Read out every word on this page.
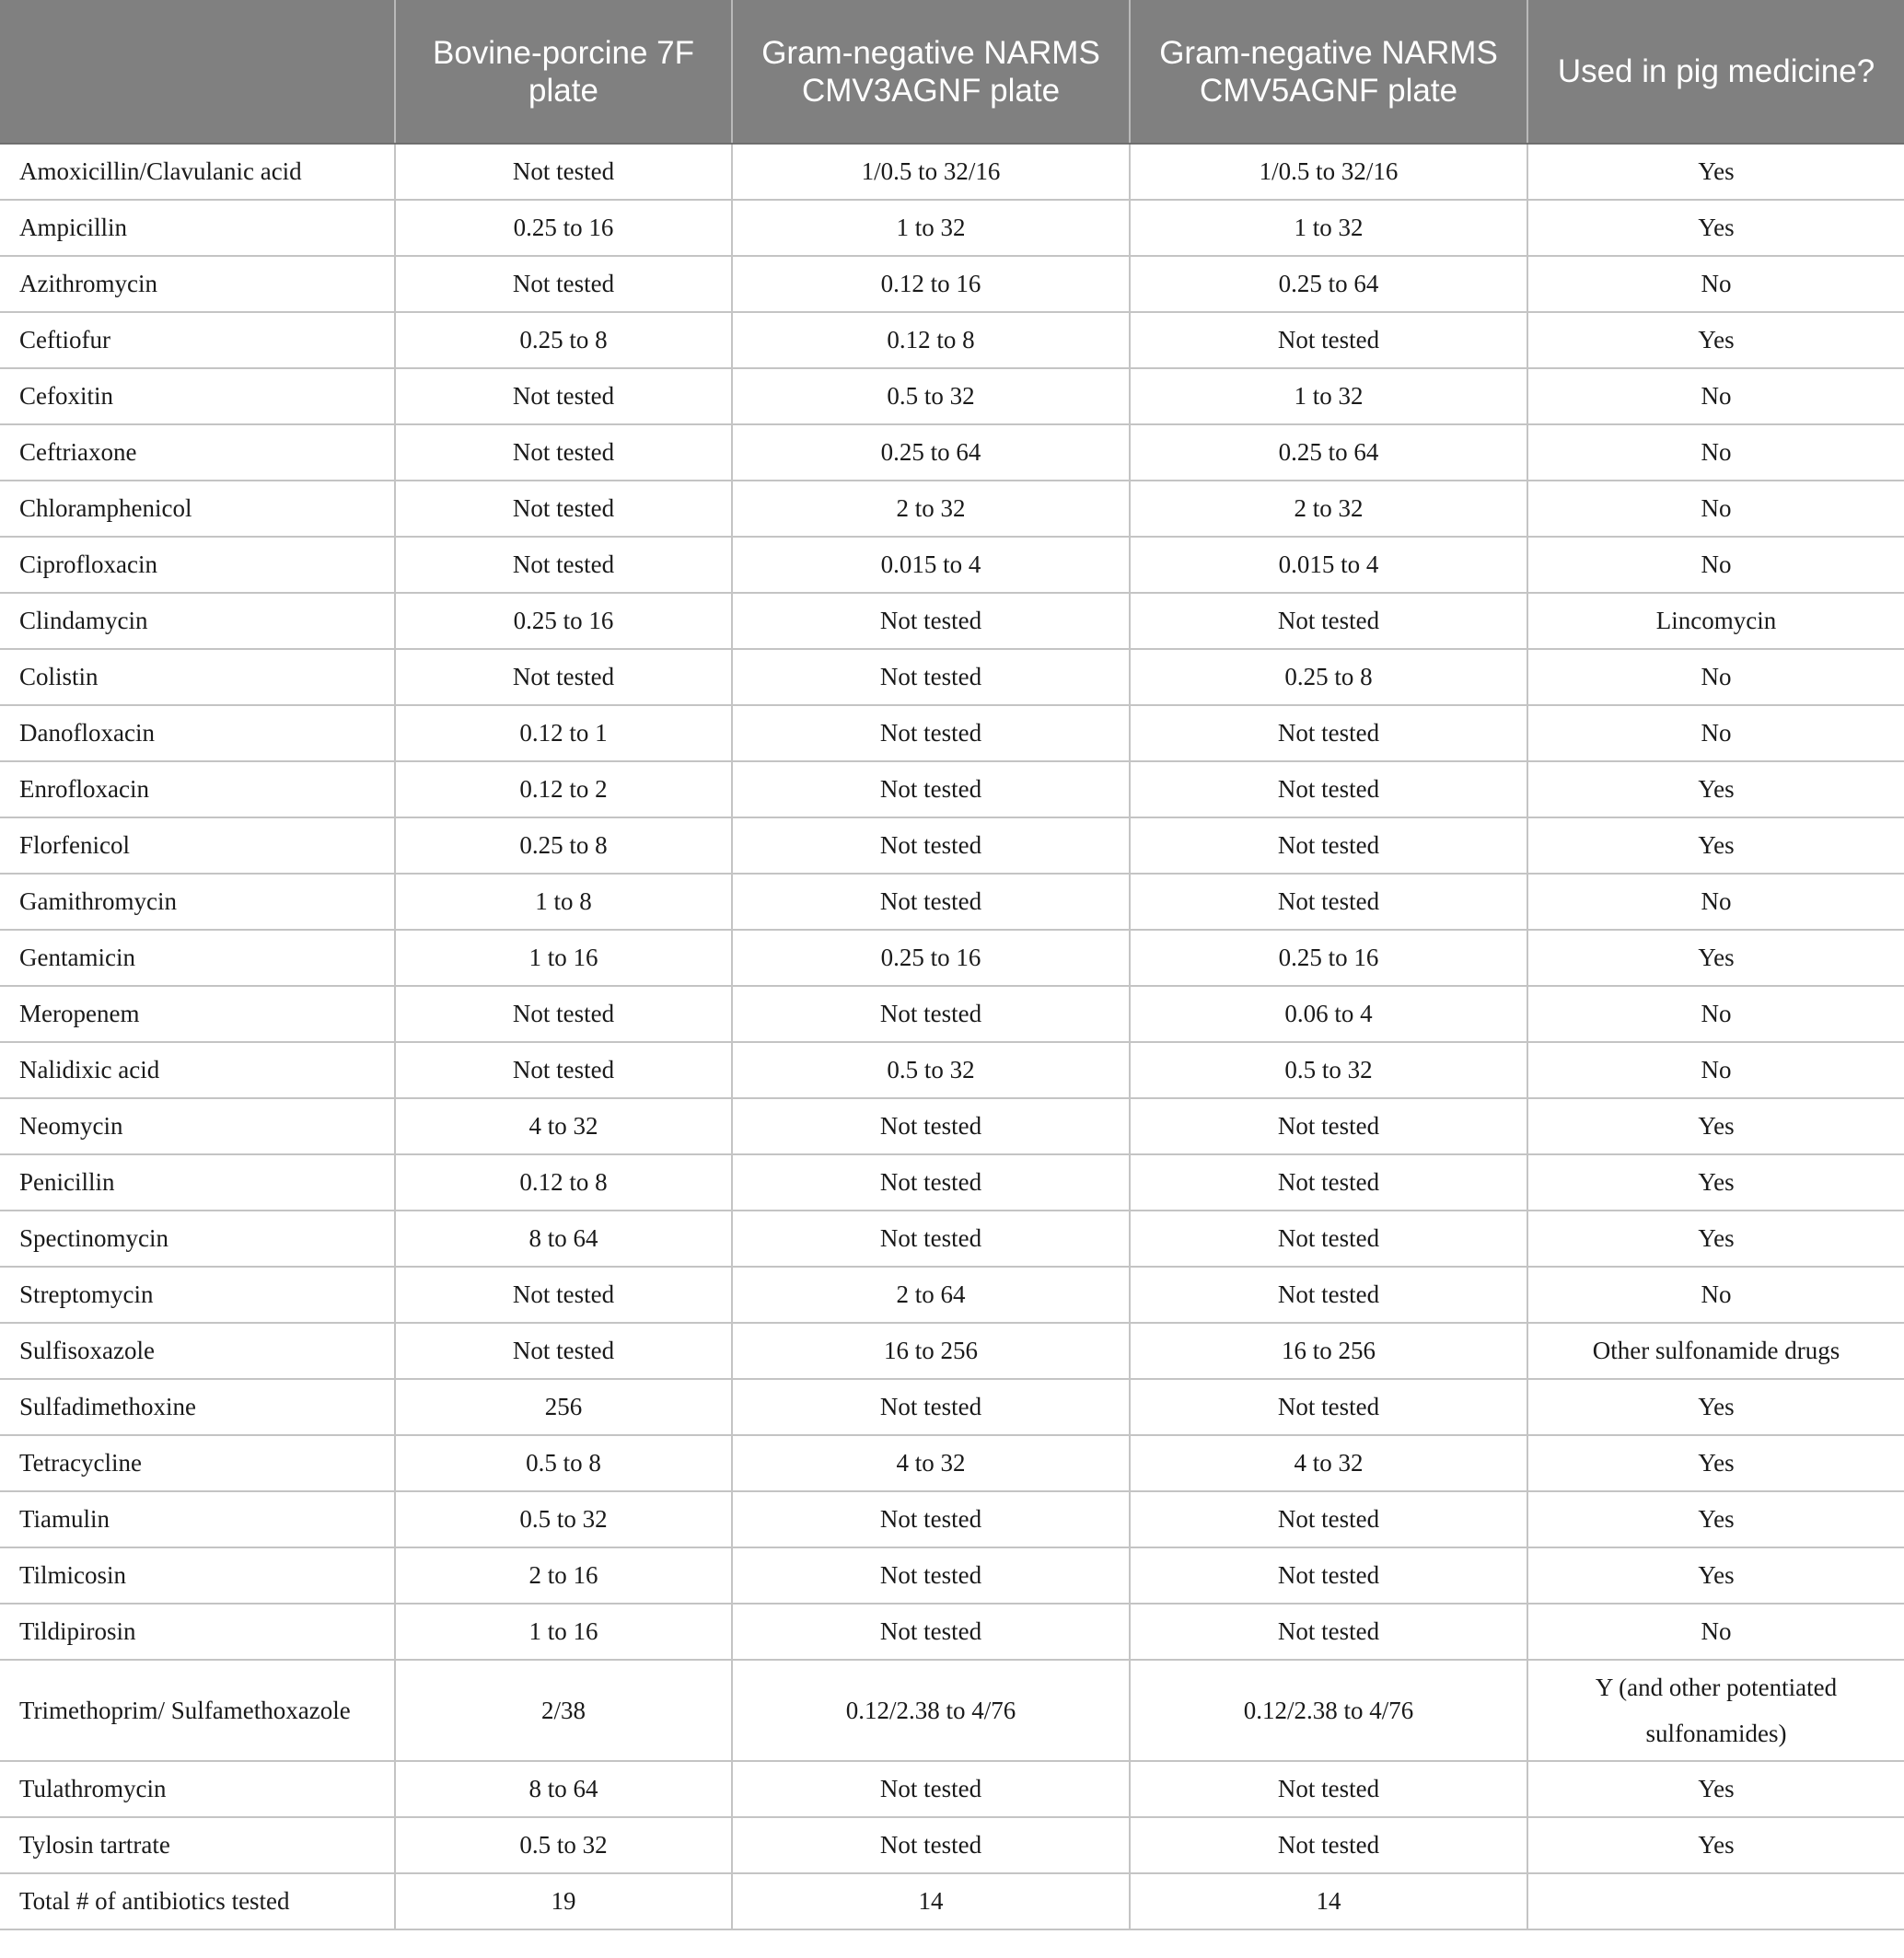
	Bovine-porcine 7F plate	Gram-negative NARMS CMV3AGNF plate	Gram-negative NARMS CMV5AGNF plate	Used in pig medicine?
Amoxicillin/Clavulanic acid	Not tested	1/0.5 to 32/16	1/0.5 to 32/16	Yes
Ampicillin	0.25 to 16	1 to 32	1 to 32	Yes
Azithromycin	Not tested	0.12 to 16	0.25 to 64	No
Ceftiofur	0.25 to 8	0.12 to 8	Not tested	Yes
Cefoxitin	Not tested	0.5 to 32	1 to 32	No
Ceftriaxone	Not tested	0.25 to 64	0.25 to 64	No
Chloramphenicol	Not tested	2 to 32	2 to 32	No
Ciprofloxacin	Not tested	0.015 to 4	0.015 to 4	No
Clindamycin	0.25 to 16	Not tested	Not tested	Lincomycin
Colistin	Not tested	Not tested	0.25 to 8	No
Danofloxacin	0.12 to 1	Not tested	Not tested	No
Enrofloxacin	0.12 to 2	Not tested	Not tested	Yes
Florfenicol	0.25 to 8	Not tested	Not tested	Yes
Gamithromycin	1 to 8	Not tested	Not tested	No
Gentamicin	1 to 16	0.25 to 16	0.25 to 16	Yes
Meropenem	Not tested	Not tested	0.06 to 4	No
Nalidixic acid	Not tested	0.5 to 32	0.5 to 32	No
Neomycin	4 to 32	Not tested	Not tested	Yes
Penicillin	0.12 to 8	Not tested	Not tested	Yes
Spectinomycin	8 to 64	Not tested	Not tested	Yes
Streptomycin	Not tested	2 to 64	Not tested	No
Sulfisoxazole	Not tested	16 to 256	16 to 256	Other sulfonamide drugs
Sulfadimethoxine	256	Not tested	Not tested	Yes
Tetracycline	0.5 to 8	4 to 32	4 to 32	Yes
Tiamulin	0.5 to 32	Not tested	Not tested	Yes
Tilmicosin	2 to 16	Not tested	Not tested	Yes
Tildipirosin	1 to 16	Not tested	Not tested	No
Trimethoprim/ Sulfamethoxazole	2/38	0.12/2.38 to 4/76	0.12/2.38 to 4/76	Y (and other potentiated sulfonamides)
Tulathromycin	8 to 64	Not tested	Not tested	Yes
Tylosin tartrate	0.5 to 32	Not tested	Not tested	Yes
Total # of antibiotics tested	19	14	14	
